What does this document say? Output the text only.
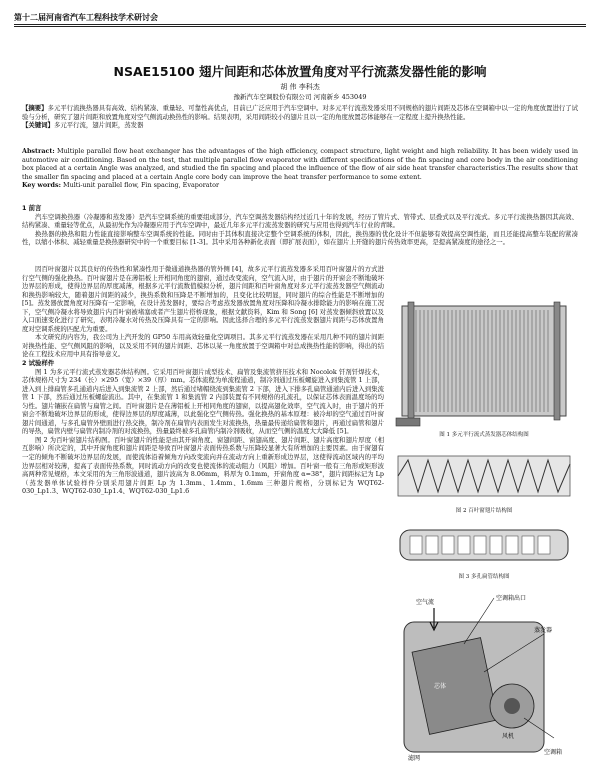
第十二届河南省汽车工程科技学术研讨会
NSAE15100 翅片间距和芯体放置角度对平行流蒸发器性能的影响
胡 伟 李科杰
豫新汽车空调股份有限公司 河南新乡 453049
【摘要】多元平行流换热器具有高效、结构紧凑、重量轻、可靠性高优点，目前已广泛应用于汽车空调中。对多元平行流蒸发器采用不同规格的翅片间距及芯体在空调箱中以一定的角度放置进行了试验与分析，研究了翅片间距和放置角度对空气侧流动换热性的影响。结果表明，采用间距较小的翅片且以一定的角度放置芯体能够在一定程度上提升换热性能。
【关键词】多元平行流，翅片间距，蒸发器
Abstract: Multiple parallel flow heat exchanger has the advantages of the high efficiency, compact structure, light weight and high reliability. It has been widely used in automotive air conditioning. Based on the test, that multiple parallel flow evaporator with different specifications of the fin spacing and core body in the air conditioning box placed at a certain Angle was analyzed, and studied the fin spacing and placed the influence of the flow of air side heat transfer characteristics.The results show that the smaller fin spacing and placed at a certain Angle core body can improve the heat transfer performance to some extent.
Key words: Multi-unit parallel flow, Fin spacing, Evaporator
1 前言
汽车空调换热器（冷凝器和蒸发器）是汽车空调系统的重要组成部分，汽车空调蒸发器结构经过近几十年的发展，经历了管片式、管带式、层叠式以及平行流式。多元平行流换热器因其高效、结构紧凑、重量轻等优点，从最初先作为冷凝器应用于汽车空调中，最近几年多元平行流蒸发器的研究与应用也得到汽车行业的青睐。
换热器的换热和阻力性能直接影响整车空调系统的性能。同时由于其体积直接决定整个空调系统的体积，因此，换热器的优化设计不但能够有效提高空调性能，而且还能提高整车装配的紧凑性，以缩小体积、减轻重量是换热器研究中的一个重要目标 [1-3]。其中采用各种新化表面（即扩展表面），如在翅片上开缝的翅片传热效率更高，是提高紧凑度的途径之一。
因百叶窗翅片以其良好的传热性和紧凑性用于微通道换热器的管外侧 [4]，故多元平行流蒸发器多采用百叶窗翅片的方式进行空气侧的强化换热。百叶窗翅片是在薄铝板上开相同角度的翅窗，通过改变流向，空气流入时，由于翅片的开窗会不断地破坏边界层的形成，使得边界层的厚度减薄，根据多元平行流数值模拟分析，翅片间距和百叶窗角度对多元平行流蒸发器空气侧流动和换热影响较大，随着翅片间距的减少，换热系数和压降是不断增加的，且变化比较明显，同时翅片的综合性能是不断增加的 [5]。蒸发器放置角度对压降有一定影响，在设计蒸发器时，要综合考虑蒸发器放置角度对压降和冷凝水排除能力的影响在施工况下，空气侧冷凝水将导致翅片内百叶窗被堵塞或者产生翅片搭桥现象，根据文献资料，Kim 和 Song [6] 对蒸发器倾斜放置以及入口面速变化进行了研究，表明冷凝水对传热及压降具有一定的影响。因此选择合理的多元平行流蒸发器翅片间距与芯体放置角度对空调系统的匹配尤为重要。
本文研究的内容为，我公司为上汽开发的 GP50 车用高效轻量化空调项目。其多元平行流蒸发器在采用几种不同的翅片间距对换热性能、空气侧风阻的影响，以及采用不同的翅片间距、芯体以某一角度放置于空调箱中对总成换热性能的影响，得出的结论在工程技术应用中具有指导意义。
2 试验样件
图 1 为多元平行流式蒸发器芯体结构图。它采用百叶窗翅片成型技术、扁管及集流管挤压技术和 Nocolok 钎剂钎焊技术，芯体规格尺寸为 234（长）×295（宽）×39（厚）mm。芯体流程为单流程通道，制冷剂通过压板螺旋进入到集流管 1 上部，进入到上排扁管多孔通道内后进入到集流管 2 上部，然后通过堵帽绕流到集流管 2 下部，进入下排多孔扁管通道内后进入到集流管 1 下部，然后通过压板螺旋流出。其中，在集流管 1 和集流管 2 内部装置有不同规格的孔流孔，以保证芯体表面温度场的均匀性。翅片镶嵌在扁管与扁管之间。百叶窗翅片是在薄铝板上开相同角度的翅窗，以提高翅化效率，空气流入时，由于翅片的开窗会不断地破坏边界层的形成，使得边界层的厚度减薄，以此强化空气侧传热。强化换热的基本原理：被冷却的空气通过百叶窗翅片间通道，与多孔扁管外壁面进行热交换，制冷剂在扁管内表面发生对流换热，热量最传递给扁管和翅片，再通过扁管和翅片的导热，扁管内壁与扁管内制冷剂的对流换热，热量最终被多孔扁管内制冷剂吸收，从而空气侧的温度大大降低 [5]。
图 2 为百叶窗翅片结构图。百叶窗翅片的性能是由其开窗角度、窗翅间距、窗翅高度、翅片间距、翅片高度和翅片厚度（相互影响）所决定的，其中开窗角度和翅片间距是导致百叶窗翅片表面传热系数与压降较显著大有所增加的主要因素。由于窗翅有一定的倾角不断破坏边界层的发展，而使流体沿着倾角方向改变流向并在流动方向上重新形成边界层，这使得流动区域内的平均边界层相对较薄，提高了表面传热系数，同时流动方向的改变也使流体的流动阻力（风阻）增加。百叶窗一般有三角形或矩形波高两种常见规格，本文采用的为三角形波通道，翅片波高为 8.06mm，料厚为 0.1mm，开窗角度 α=38°，翅片间距标记为 Lp（蒸发器单体试验样件分别采用翅片间距 Lp 为 1.3mm、1.4mm、1.6mm 三种翅片规格，分别标记为 WQT62-030_Lp1.3、WQT62-030_Lp1.4、WQT62-030_Lp1.6
图 1 多元平行流式蒸发器芯体结构图
图 2 百叶窗翅片结构图
图 3 多孔扁管结构图
空气流
空调箱出口
蒸发器
芯体
滤网
风机
空调箱
